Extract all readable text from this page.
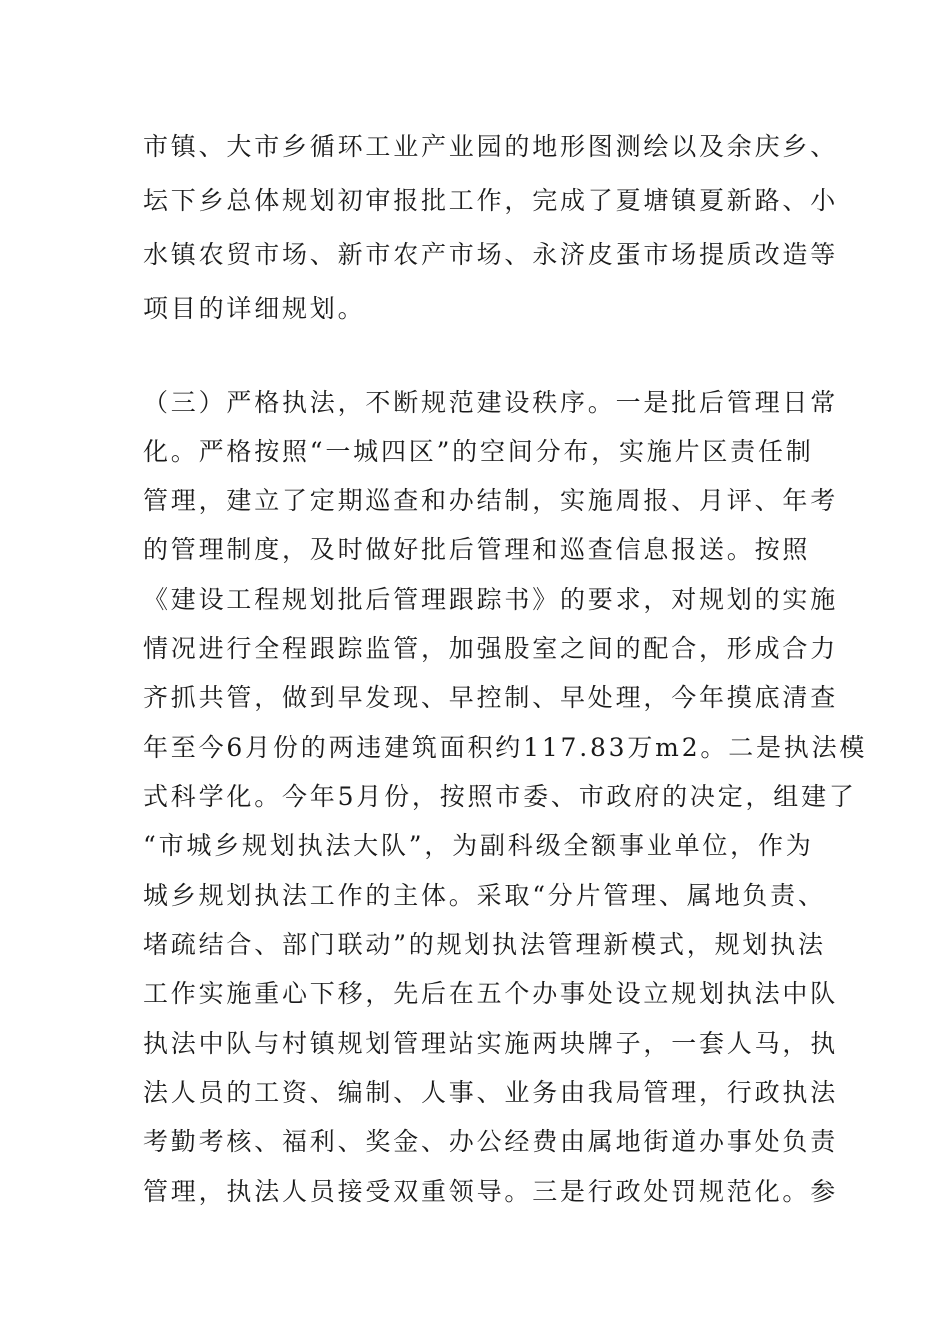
市镇、大市乡循环工业产业园的地形图测绘以及余庆乡、
坛下乡总体规划初审报批工作，完成了夏塘镇夏新路、小
水镇农贸市场、新市农产市场、永济皮蛋市场提质改造等
项目的详细规划。
（三）严格执法，不断规范建设秩序。一是批后管理日常
化。严格按照“一城四区”的空间分布，实施片区责任制
管理，建立了定期巡查和办结制，实施周报、月评、年考
的管理制度，及时做好批后管理和巡查信息报送。按照
《建设工程规划批后管理跟踪书》的要求，对规划的实施
情况进行全程跟踪监管，加强股室之间的配合，形成合力
齐抓共管，做到早发现、早控制、早处理，今年摸底清查
年至今6月份的两违建筑面积约117.83万m2。二是执法模
式科学化。今年5月份，按照市委、市政府的决定，组建了
“市城乡规划执法大队”，为副科级全额事业单位，作为
城乡规划执法工作的主体。采取“分片管理、属地负责、
堵疏结合、部门联动”的规划执法管理新模式，规划执法
工作实施重心下移，先后在五个办事处设立规划执法中队
执法中队与村镇规划管理站实施两块牌子，一套人马，执
法人员的工资、编制、人事、业务由我局管理，行政执法
考勤考核、福利、奖金、办公经费由属地街道办事处负责
管理，执法人员接受双重领导。三是行政处罚规范化。参
